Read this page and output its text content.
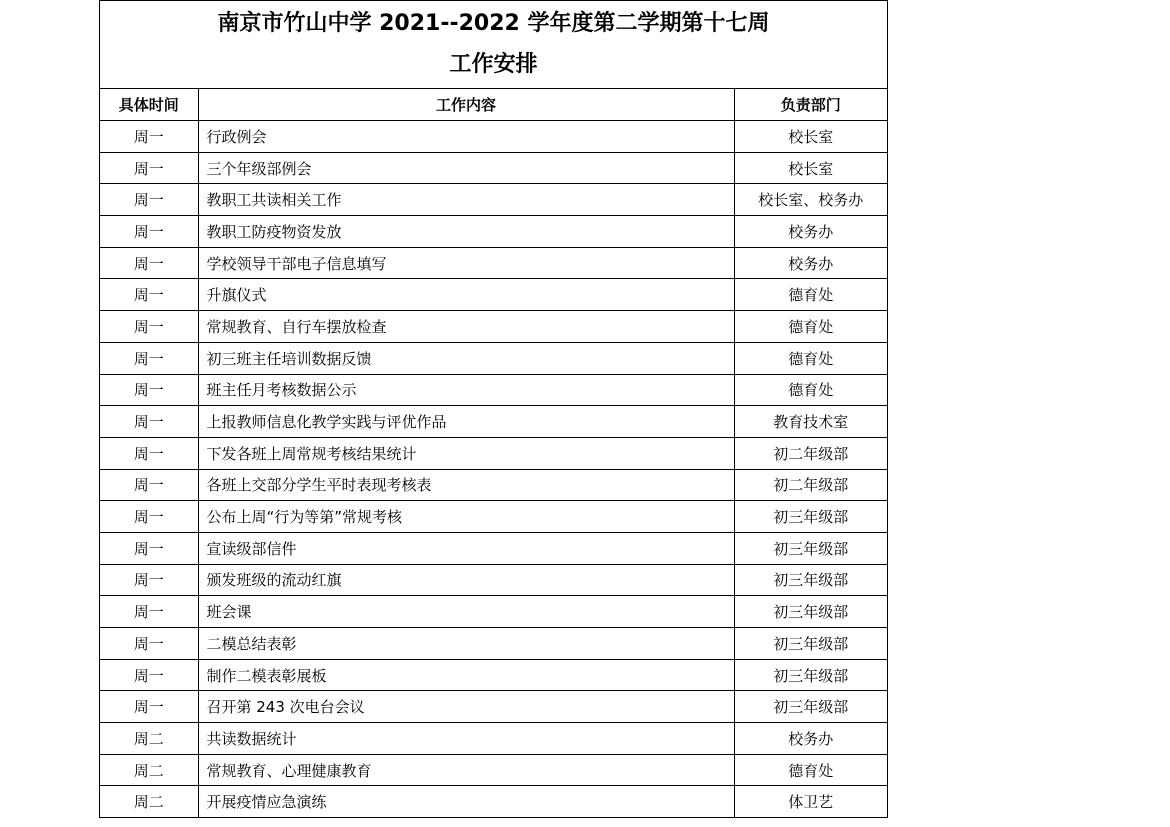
南京市竹山中学 2021--2022 学年度第二学期第十七周
工作安排
具体时间	工作内容	负责部门
周一	行政例会	校长室
周一	三个年级部例会	校长室
周一	教职工共读相关工作	校长室、校务办
周一	教职工防疫物资发放	校务办
周一	学校领导干部电子信息填写	校务办
周一	升旗仪式	德育处
周一	常规教育、自行车摆放检查	德育处
周一	初三班主任培训数据反馈	德育处
周一	班主任月考核数据公示	德育处
周一	上报教师信息化教学实践与评优作品	教育技术室
周一	下发各班上周常规考核结果统计	初二年级部
周一	各班上交部分学生平时表现考核表	初二年级部
周一	公布上周“行为等第”常规考核	初三年级部
周一	宣读级部信件	初三年级部
周一	颁发班级的流动红旗	初三年级部
周一	班会课	初三年级部
周一	二模总结表彰	初三年级部
周一	制作二模表彰展板	初三年级部
周一	召开第 243 次电台会议	初三年级部
周二	共读数据统计	校务办
周二	常规教育、心理健康教育	德育处
周二	开展疫情应急演练	体卫艺
